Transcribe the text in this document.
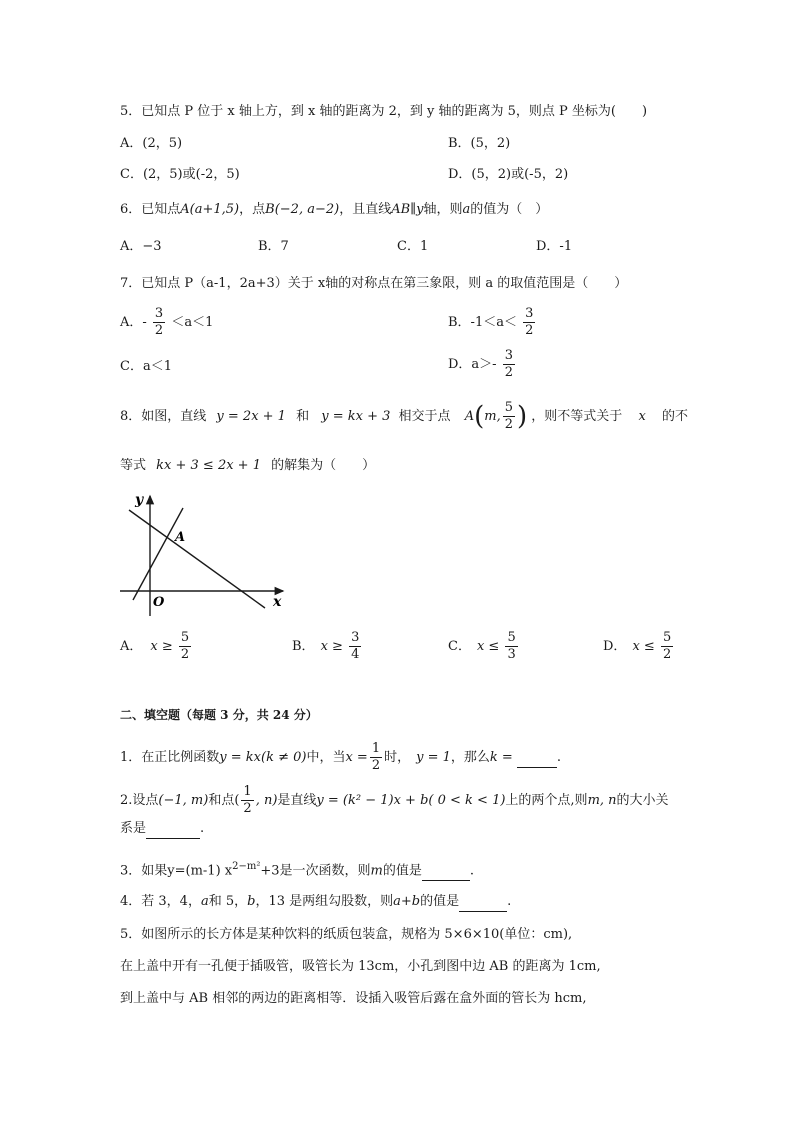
5．已知点 P 位于 x 轴上方，到 x 轴的距离为 2，到 y 轴的距离为 5，则点 P 坐标为(　　)
A．(2，5)	B．(5，2)
C．(2，5)或(-2，5)	D．(5，2)或(-5，2)
6．已知点A(a+1,5)，点B(−2, a−2)，且直线AB∥y轴，则a的值为（　）
A．−3	B．7	C．1	D．-1
7．已知点 P（a-1，2a+3）关于 x轴的对称点在第三象限，则 a 的取值范围是（　　）
A．- $\frac{3}{2} <a<1$	B．$-1<a< \frac{3}{2}$
C．a＜1	D．$a>- \frac{3}{2}$
8．如图，直线 y = 2x + 1 和 y = kx + 3 相交于点 A(m, $\frac{5}{2}$ ) ，则不等式关于 x 的不
等式 kx + 3 ≤ 2x + 1 的解集为（　　）
y
A
O	x
A． $x \ge \frac{5}{2}$	B． $x \ge \frac{3}{4}$	C． $x \le \frac{5}{3}$	D． $x \le \frac{5}{2}$
二、填空题（每题 3 分，共 24 分）
1．在正比例函数y = kx(k ≠ 0)中，当$x = \frac{1}{2}$ 时， y = 1，那么k =	.
2.设点(−1, m)和点( $\frac{1}{2}$ , n)是直线y = (k² − 1)x + b( 0 < k < 1)上的两个点,则m, n的大小关
系是	.
3．如果y=(m-1) $x^{2-m^2}+3$是一次函数，则m的值是	.
4．若 3，4，a和 5，b，13 是两组勾股数，则a+b的值是	.
5．如图所示的长方体是某种饮料的纸质包装盒，规格为 5×6×10(单位：cm),
在上盖中开有一孔便于插吸管，吸管长为 13cm，小孔到图中边 AB 的距离为 1cm,
到上盖中与 AB 相邻的两边的距离相等．设插入吸管后露在盒外面的管长为 hcm,
